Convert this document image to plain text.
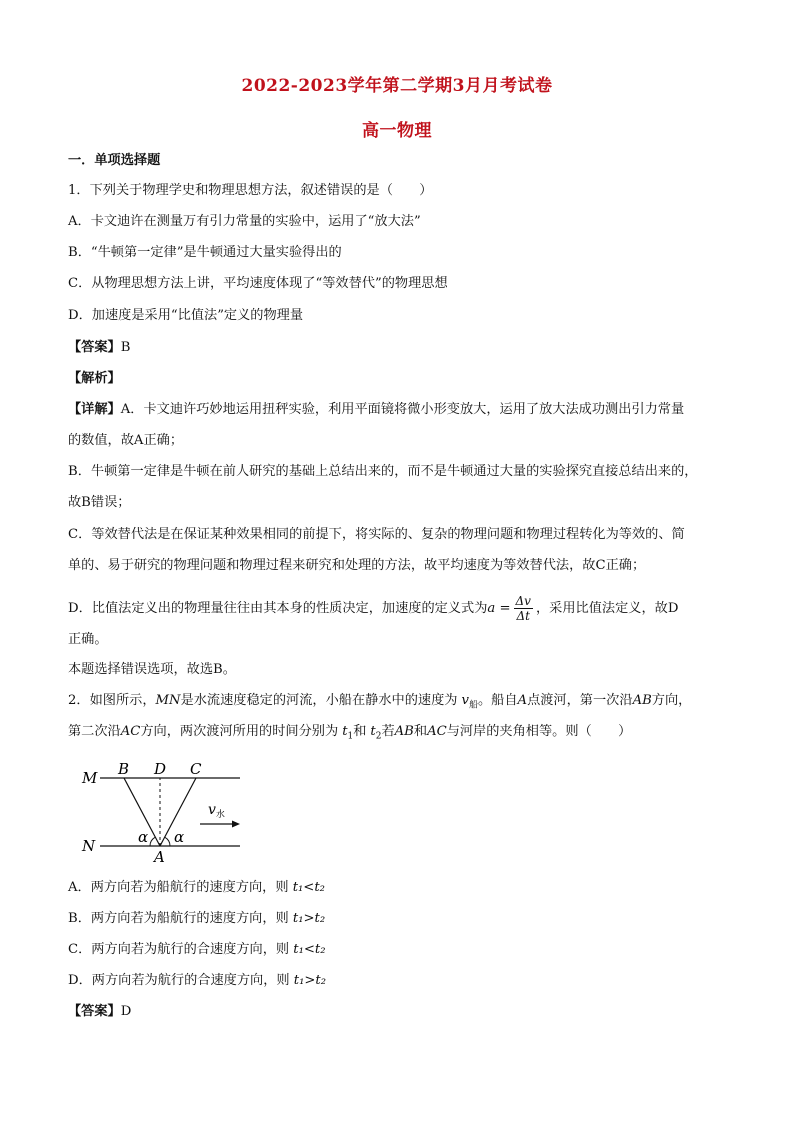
2022-2023学年第二学期3月月考试卷
高一物理
一．单项选择题
1．下列关于物理学史和物理思想方法，叙述错误的是（　　）
A．卡文迪许在测量万有引力常量的实验中，运用了“放大法”
B．“牛顿第一定律”是牛顿通过大量实验得出的
C．从物理思想方法上讲，平均速度体现了“等效替代”的物理思想
D．加速度是采用“比值法”定义的物理量
【答案】B
【解析】
【详解】A．卡文迪许巧妙地运用扭秤实验，利用平面镜将微小形变放大，运用了放大法成功测出引力常量
的数值，故A正确；
B．牛顿第一定律是牛顿在前人研究的基础上总结出来的，而不是牛顿通过大量的实验探究直接总结出来的，
故B错误；
C．等效替代法是在保证某种效果相同的前提下，将实际的、复杂的物理问题和物理过程转化为等效的、简
单的、易于研究的物理问题和物理过程来研究和处理的方法，故平均速度为等效替代法，故C正确；
D．比值法定义出的物理量往往由其本身的性质决定，加速度的定义式为$a = \frac{\Delta v}{\Delta t}$ ，采用比值法定义，故D
正确。
本题选择错误选项，故选B。
2．如图所示，MN是水流速度稳定的河流，小船在静水中的速度为 $v_船$。船自A点渡河，第一次沿AB方向，
第二次沿AC方向，两次渡河所用的时间分别为 $t_1$和 $t_2$若AB和AC与河岸的夹角相等。则（　　）
M
N
B D C
A
α α
$v_水$
A．两方向若为船航行的速度方向，则 t₁<t₂
B．两方向若为船航行的速度方向，则 t₁>t₂
C．两方向若为航行的合速度方向，则 t₁<t₂
D．两方向若为航行的合速度方向，则 t₁>t₂
【答案】D
